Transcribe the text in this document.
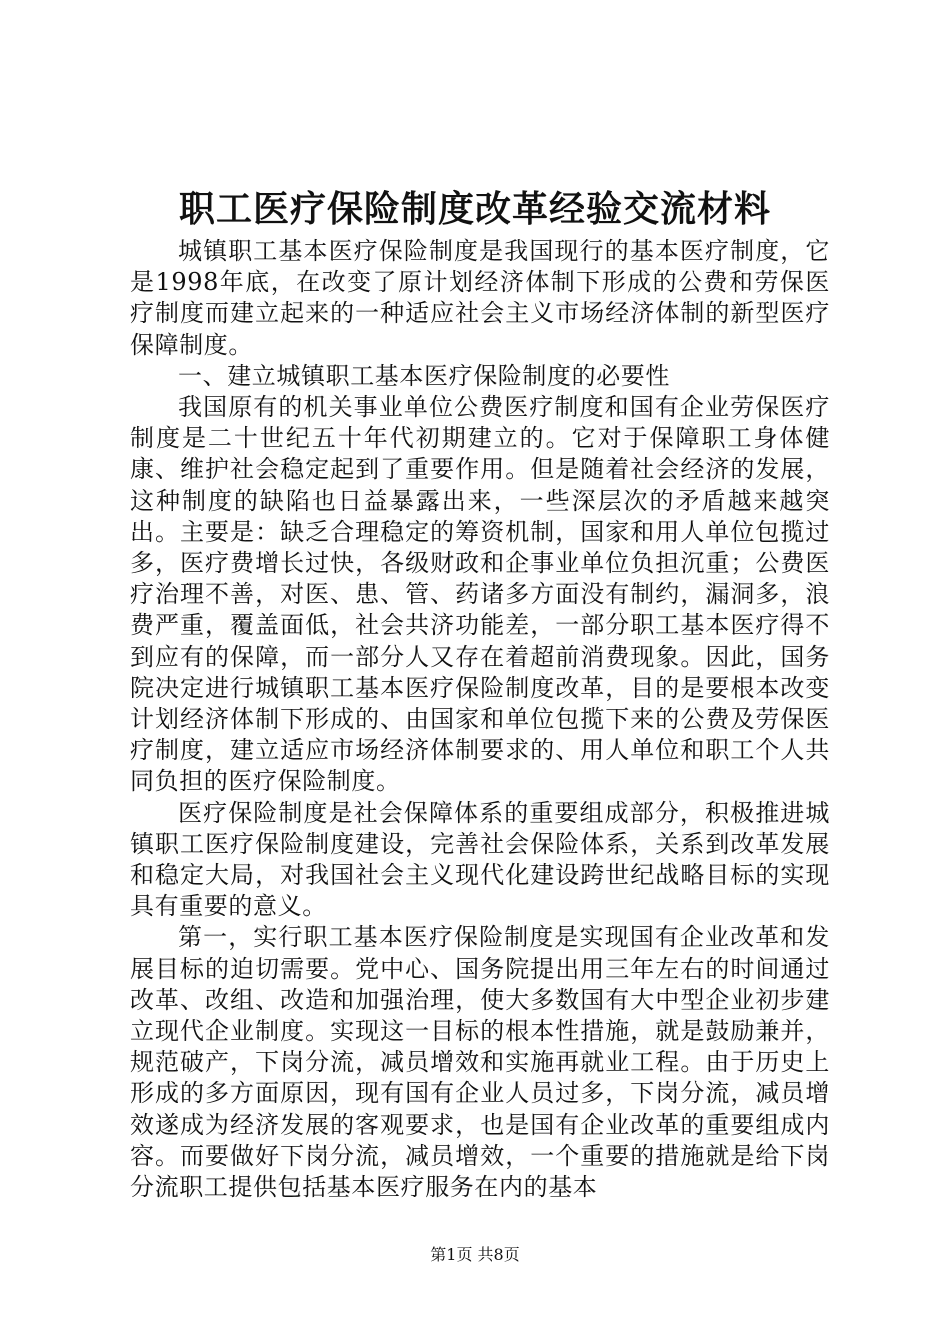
职工医疗保险制度改革经验交流材料

城镇职工基本医疗保险制度是我国现行的基本医疗制度，它是1998年底，在改变了原计划经济体制下形成的公费和劳保医疗制度而建立起来的一种适应社会主义市场经济体制的新型医疗保障制度。

一、建立城镇职工基本医疗保险制度的必要性

我国原有的机关事业单位公费医疗制度和国有企业劳保医疗制度是二十世纪五十年代初期建立的。它对于保障职工身体健康、维护社会稳定起到了重要作用。但是随着社会经济的发展，这种制度的缺陷也日益暴露出来，一些深层次的矛盾越来越突出。主要是：缺乏合理稳定的筹资机制，国家和用人单位包揽过多，医疗费增长过快，各级财政和企事业单位负担沉重；公费医疗治理不善，对医、患、管、药诸多方面没有制约，漏洞多，浪费严重，覆盖面低，社会共济功能差，一部分职工基本医疗得不到应有的保障，而一部分人又存在着超前消费现象。因此，国务院决定进行城镇职工基本医疗保险制度改革，目的是要根本改变计划经济体制下形成的、由国家和单位包揽下来的公费及劳保医疗制度，建立适应市场经济体制要求的、用人单位和职工个人共同负担的医疗保险制度。

医疗保险制度是社会保障体系的重要组成部分，积极推进城镇职工医疗保险制度建设，完善社会保险体系，关系到改革发展和稳定大局，对我国社会主义现代化建设跨世纪战略目标的实现具有重要的意义。

第一，实行职工基本医疗保险制度是实现国有企业改革和发展目标的迫切需要。党中心、国务院提出用三年左右的时间通过改革、改组、改造和加强治理，使大多数国有大中型企业初步建立现代企业制度。实现这一目标的根本性措施，就是鼓励兼并，规范破产，下岗分流，减员增效和实施再就业工程。由于历史上形成的多方面原因，现有国有企业人员过多，下岗分流，减员增效遂成为经济发展的客观要求，也是国有企业改革的重要组成内容。而要做好下岗分流，减员增效，一个重要的措施就是给下岗分流职工提供包括基本医疗服务在内的基本

第1页 共8页
